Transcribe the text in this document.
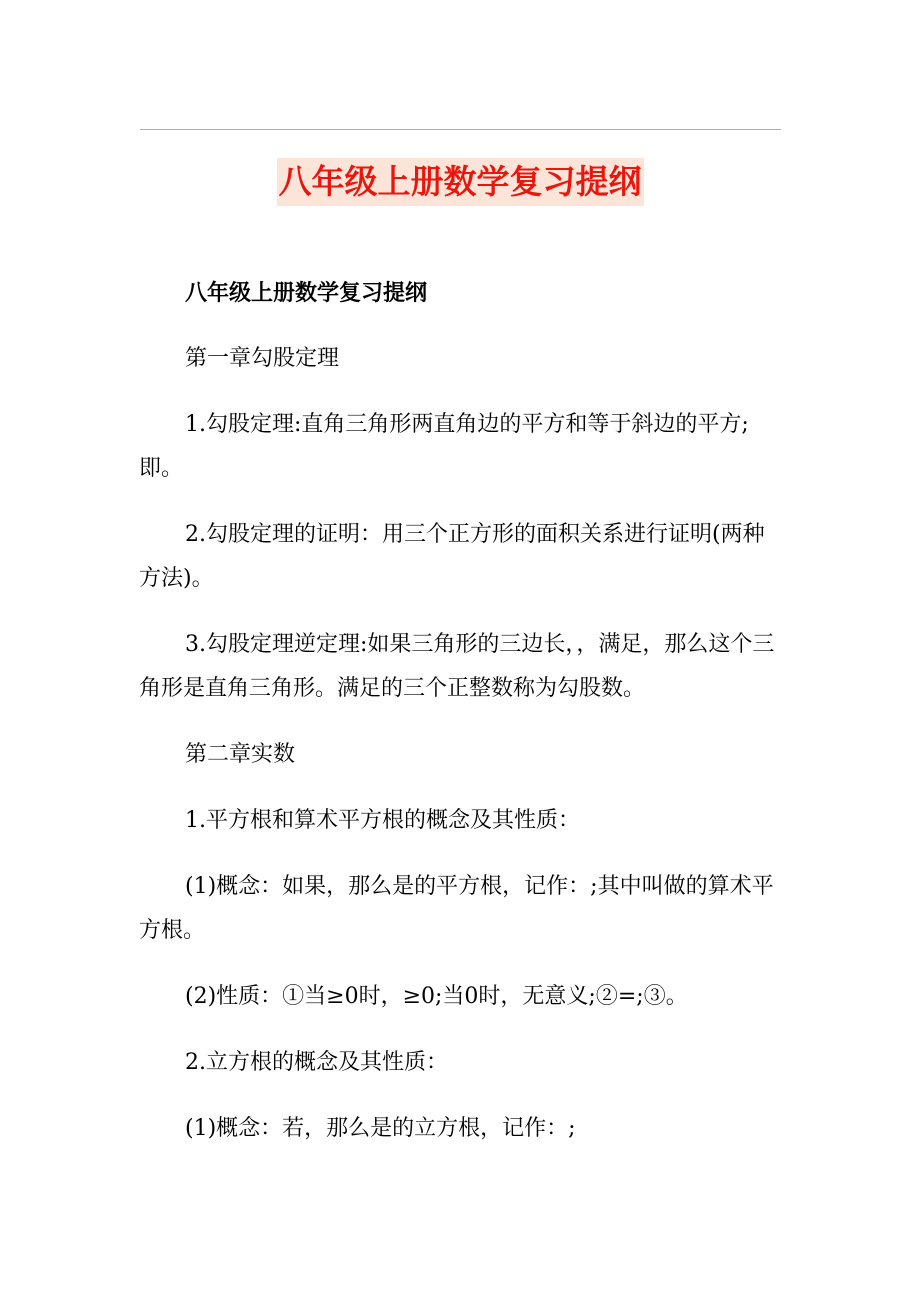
八年级上册数学复习提纲

八年级上册数学复习提纲

第一章勾股定理

1.勾股定理:直角三角形两直角边的平方和等于斜边的平方;即。

2.勾股定理的证明：用三个正方形的面积关系进行证明(两种方法)。

3.勾股定理逆定理:如果三角形的三边长，，满足，那么这个三角形是直角三角形。满足的三个正整数称为勾股数。

第二章实数

1.平方根和算术平方根的概念及其性质：

(1)概念：如果，那么是的平方根，记作：;其中叫做的算术平方根。

(2)性质：①当≥0时，≥0;当0时，无意义;②=;③。

2.立方根的概念及其性质：

(1)概念：若，那么是的立方根，记作：;
